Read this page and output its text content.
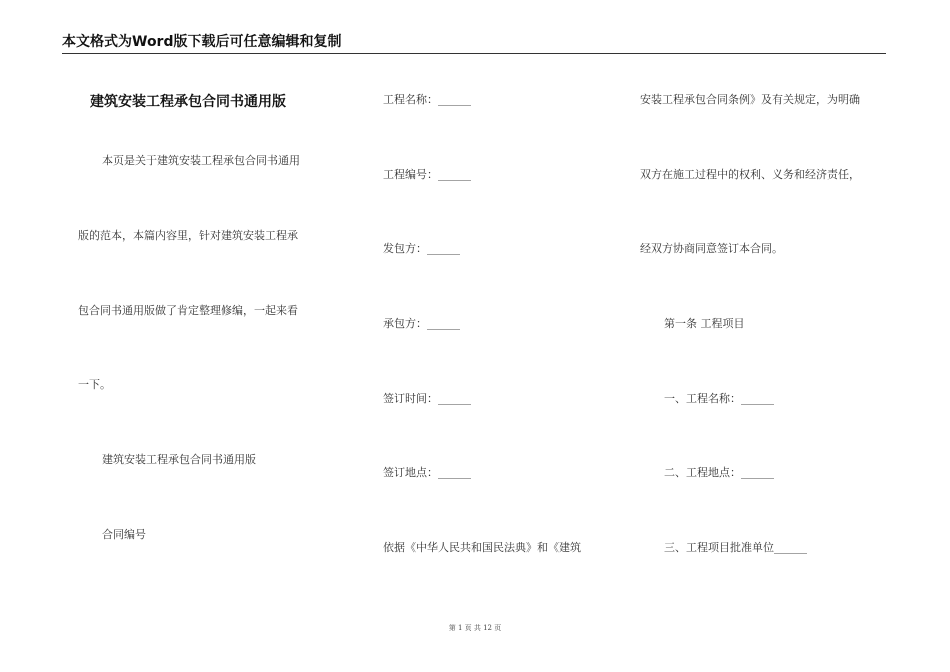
本文格式为Word版下载后可任意编辑和复制
建筑安装工程承包合同书通用版
本页是关于建筑安装工程承包合同书通用
版的范本，本篇内容里，针对建筑安装工程承
包合同书通用版做了肯定整理修编，一起来看
一下。
建筑安装工程承包合同书通用版
合同编号
工程名称：______
工程编号：______
发包方：______
承包方：______
签订时间：______
签订地点：______
依据《中华人民共和国民法典》和《建筑
安装工程承包合同条例》及有关规定，为明确
双方在施工过程中的权利、义务和经济责任，
经双方协商同意签订本合同。
第一条 工程项目
一、工程名称：______
二、工程地点：______
三、工程项目批准单位______
第 1 页 共 12 页
